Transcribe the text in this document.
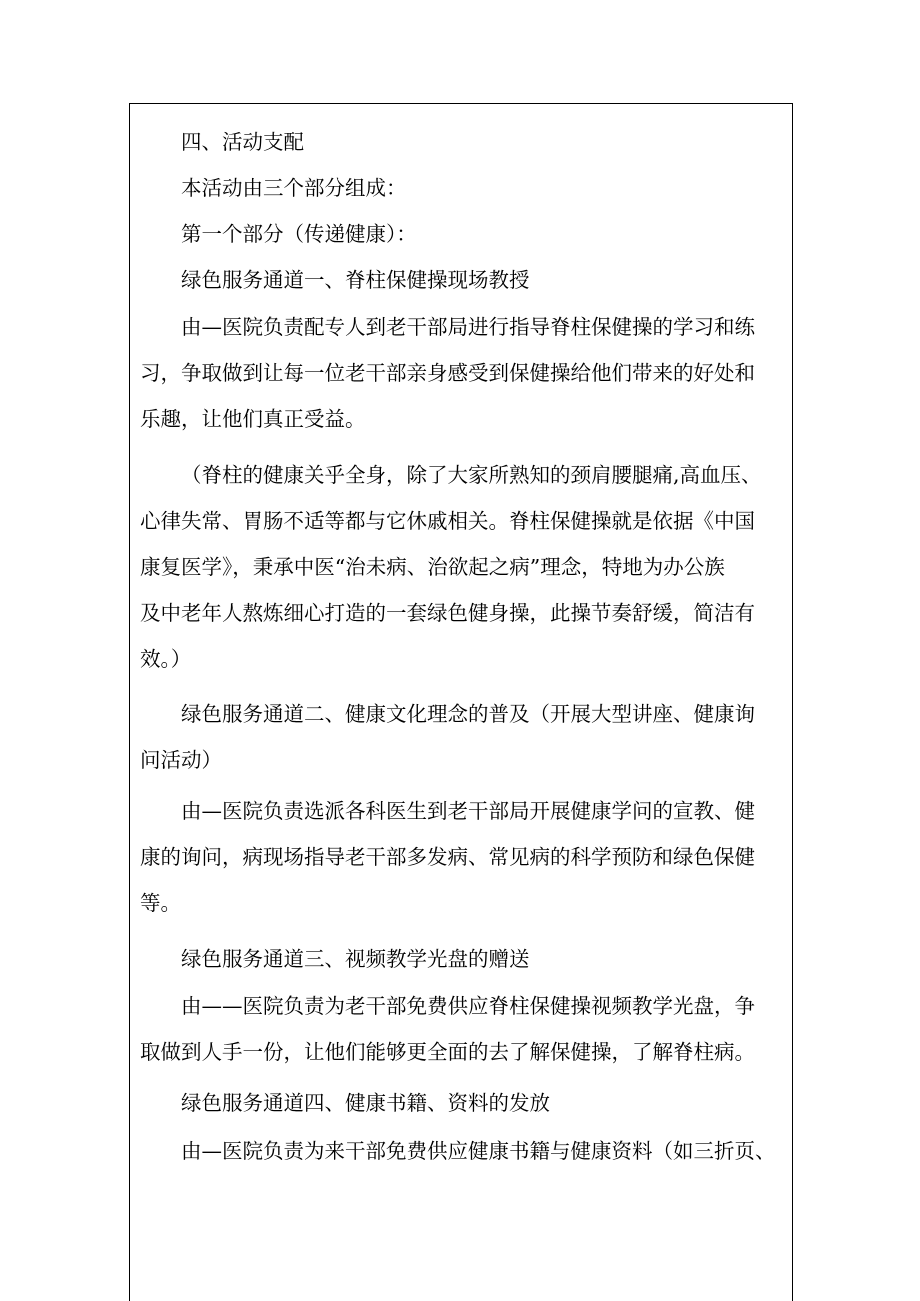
四、活动支配

本活动由三个部分组成：

第一个部分（传递健康）：

绿色服务通道一、脊柱保健操现场教授

由—医院负责配专人到老干部局进行指导脊柱保健操的学习和练

习，争取做到让每一位老干部亲身感受到保健操给他们带来的好处和

乐趣，让他们真正受益。

（脊柱的健康关乎全身，除了大家所熟知的颈肩腰腿痛,高血压、

心律失常、胃肠不适等都与它休戚相关。脊柱保健操就是依据《中国

康复医学》，秉承中医“治未病、治欲起之病”理念，特地为办公族

及中老年人熬炼细心打造的一套绿色健身操，此操节奏舒缓，简洁有

效。）

绿色服务通道二、健康文化理念的普及（开展大型讲座、健康询

问活动）

由—医院负责选派各科医生到老干部局开展健康学问的宣教、健

康的询问，病现场指导老干部多发病、常见病的科学预防和绿色保健

等。

绿色服务通道三、视频教学光盘的赠送

由——医院负责为老干部免费供应脊柱保健操视频教学光盘，争

取做到人手一份，让他们能够更全面的去了解保健操，了解脊柱病。

绿色服务通道四、健康书籍、资料的发放

由—医院负责为来干部免费供应健康书籍与健康资料（如三折页、
